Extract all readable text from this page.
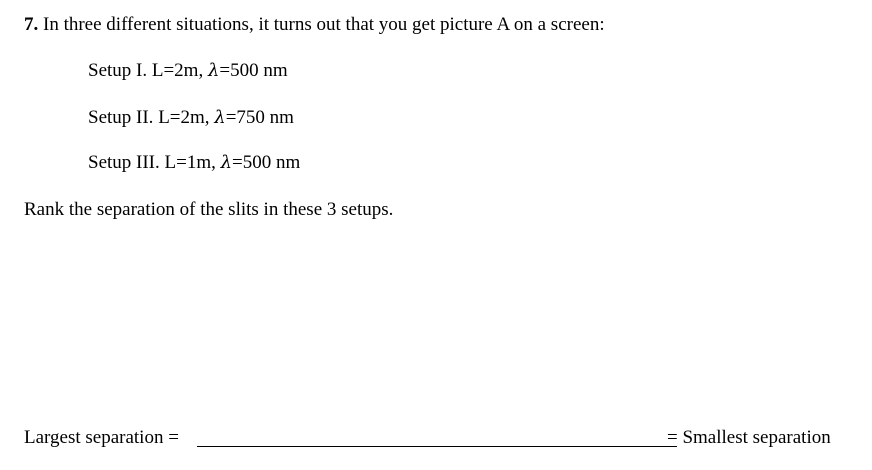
7. In three different situations, it turns out that you get picture A on a screen:
Setup I. L=2m, λ=500 nm
Setup II. L=2m, λ=750 nm
Setup III. L=1m, λ=500 nm
Rank the separation of the slits in these 3 setups.
Largest separation =	= Smallest separation
